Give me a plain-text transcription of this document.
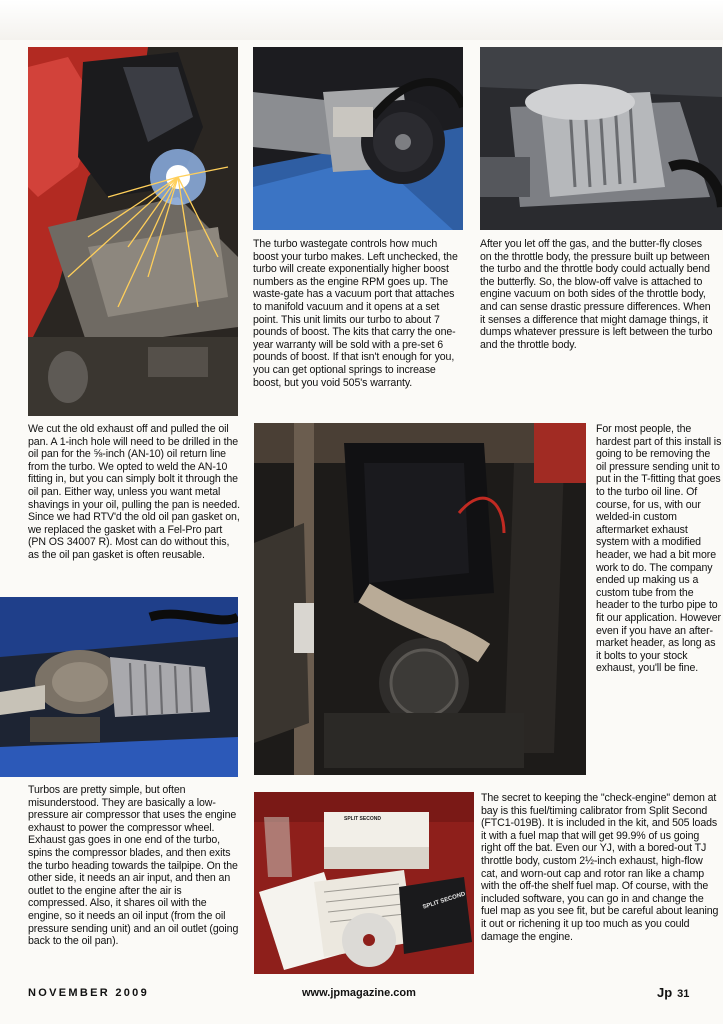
The turbo wastegate controls how much boost your turbo makes. Left unchecked, the turbo will create exponentially higher boost numbers as the engine RPM goes up. The waste-gate has a vacuum port that attaches to manifold vacuum and it opens at a set point. This unit limits our turbo to about 7 pounds of boost. The kits that carry the one-year warranty will be sold with a pre-set 6 pounds of boost. If that isn't enough for you, you can get optional springs to increase boost, but you void 505's warranty.
After you let off the gas, and the butter-fly closes on the throttle body, the pressure built up between the turbo and the throttle body could actually bend the butterfly. So, the blow-off valve is attached to engine vacuum on both sides of the throttle body, and can sense drastic pressure differences. When it senses a difference that might damage things, it dumps whatever pressure is left between the turbo and the throttle body.
We cut the old exhaust off and pulled the oil pan. A 1-inch hole will need to be drilled in the oil pan for the ⅝-inch (AN-10) oil return line from the turbo. We opted to weld the AN-10 fitting in, but you can simply bolt it through the oil pan. Either way, unless you want metal shavings in your oil, pulling the pan is needed. Since we had RTV'd the old oil pan gasket on, we replaced the gasket with a Fel-Pro part (PN OS 34007 R). Most can do without this, as the oil pan gasket is often reusable.
For most people, the hardest part of this install is going to be removing the oil pressure sending unit to put in the T-fitting that goes to the turbo oil line. Of course, for us, with our welded-in custom aftermarket exhaust system with a modified header, we had a bit more work to do. The company ended up making us a custom tube from the header to the turbo pipe to fit our application. However even if you have an after-market header, as long as it bolts to your stock exhaust, you'll be fine.
Turbos are pretty simple, but often misunderstood. They are basically a low-pressure air compressor that uses the engine exhaust to power the compressor wheel. Exhaust gas goes in one end of the turbo, spins the compressor blades, and then exits the turbo heading towards the tailpipe. On the other side, it needs an air input, and then an outlet to the engine after the air is compressed. Also, it shares oil with the engine, so it needs an oil input (from the oil pressure sending unit) and an oil outlet (going back to the oil pan).
SPLIT SECOND
SPLIT SECOND
The secret to keeping the "check-engine" demon at bay is this fuel/timing calibrator from Split Second (FTC1-019B). It is included in the kit, and 505 loads it with a fuel map that will get 99.9% of us going right off the bat. Even our YJ, with a bored-out TJ throttle body, custom 2½-inch exhaust, high-flow cat, and worn-out cap and rotor ran like a champ with the off-the shelf fuel map. Of course, with the included software, you can go in and change the fuel map as you see fit, but be careful about leaning it out or richening it up too much as you could damage the engine.
NOVEMBER 2009	www.jpmagazine.com	Jp 31
